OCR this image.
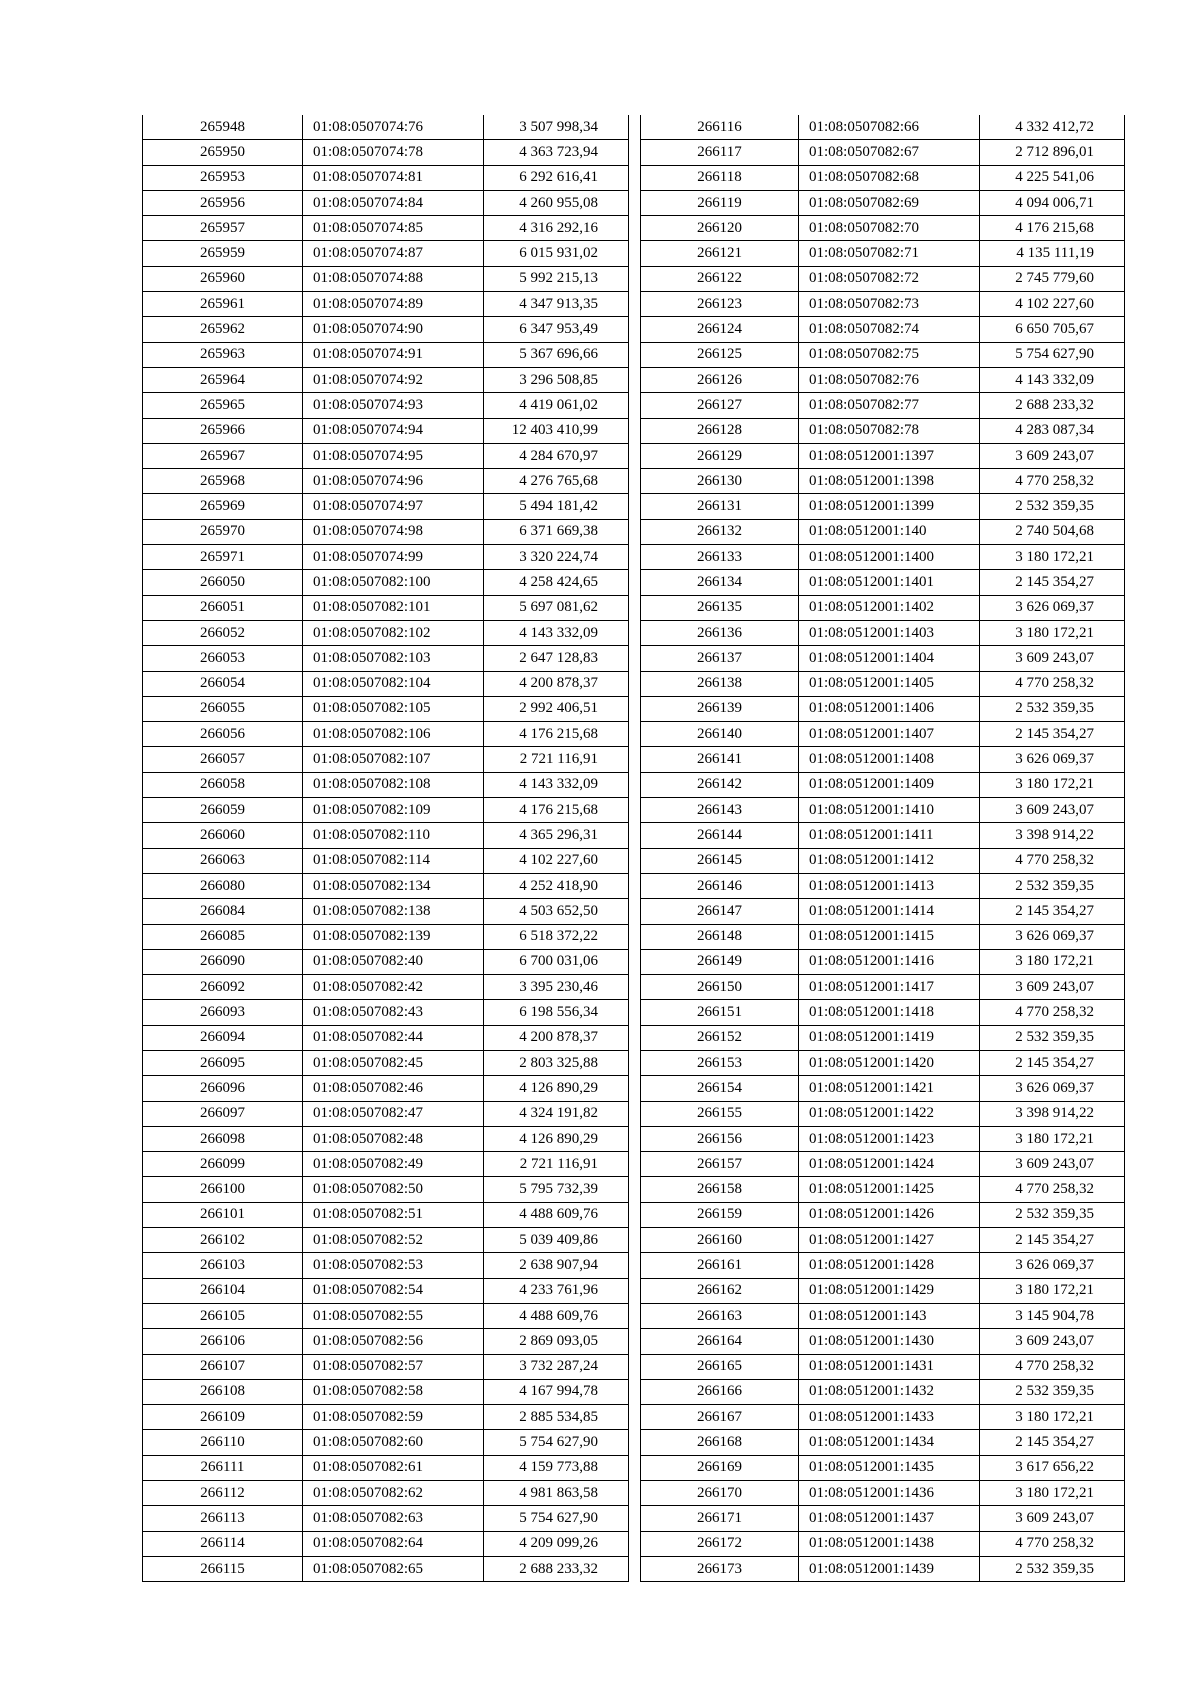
265948	01:08:0507074:76	3 507 998,34
265950	01:08:0507074:78	4 363 723,94
265953	01:08:0507074:81	6 292 616,41
265956	01:08:0507074:84	4 260 955,08
265957	01:08:0507074:85	4 316 292,16
265959	01:08:0507074:87	6 015 931,02
265960	01:08:0507074:88	5 992 215,13
265961	01:08:0507074:89	4 347 913,35
265962	01:08:0507074:90	6 347 953,49
265963	01:08:0507074:91	5 367 696,66
265964	01:08:0507074:92	3 296 508,85
265965	01:08:0507074:93	4 419 061,02
265966	01:08:0507074:94	12 403 410,99
265967	01:08:0507074:95	4 284 670,97
265968	01:08:0507074:96	4 276 765,68
265969	01:08:0507074:97	5 494 181,42
265970	01:08:0507074:98	6 371 669,38
265971	01:08:0507074:99	3 320 224,74
266050	01:08:0507082:100	4 258 424,65
266051	01:08:0507082:101	5 697 081,62
266052	01:08:0507082:102	4 143 332,09
266053	01:08:0507082:103	2 647 128,83
266054	01:08:0507082:104	4 200 878,37
266055	01:08:0507082:105	2 992 406,51
266056	01:08:0507082:106	4 176 215,68
266057	01:08:0507082:107	2 721 116,91
266058	01:08:0507082:108	4 143 332,09
266059	01:08:0507082:109	4 176 215,68
266060	01:08:0507082:110	4 365 296,31
266063	01:08:0507082:114	4 102 227,60
266080	01:08:0507082:134	4 252 418,90
266084	01:08:0507082:138	4 503 652,50
266085	01:08:0507082:139	6 518 372,22
266090	01:08:0507082:40	6 700 031,06
266092	01:08:0507082:42	3 395 230,46
266093	01:08:0507082:43	6 198 556,34
266094	01:08:0507082:44	4 200 878,37
266095	01:08:0507082:45	2 803 325,88
266096	01:08:0507082:46	4 126 890,29
266097	01:08:0507082:47	4 324 191,82
266098	01:08:0507082:48	4 126 890,29
266099	01:08:0507082:49	2 721 116,91
266100	01:08:0507082:50	5 795 732,39
266101	01:08:0507082:51	4 488 609,76
266102	01:08:0507082:52	5 039 409,86
266103	01:08:0507082:53	2 638 907,94
266104	01:08:0507082:54	4 233 761,96
266105	01:08:0507082:55	4 488 609,76
266106	01:08:0507082:56	2 869 093,05
266107	01:08:0507082:57	3 732 287,24
266108	01:08:0507082:58	4 167 994,78
266109	01:08:0507082:59	2 885 534,85
266110	01:08:0507082:60	5 754 627,90
266111	01:08:0507082:61	4 159 773,88
266112	01:08:0507082:62	4 981 863,58
266113	01:08:0507082:63	5 754 627,90
266114	01:08:0507082:64	4 209 099,26
266115	01:08:0507082:65	2 688 233,32
266116	01:08:0507082:66	4 332 412,72
266117	01:08:0507082:67	2 712 896,01
266118	01:08:0507082:68	4 225 541,06
266119	01:08:0507082:69	4 094 006,71
266120	01:08:0507082:70	4 176 215,68
266121	01:08:0507082:71	4 135 111,19
266122	01:08:0507082:72	2 745 779,60
266123	01:08:0507082:73	4 102 227,60
266124	01:08:0507082:74	6 650 705,67
266125	01:08:0507082:75	5 754 627,90
266126	01:08:0507082:76	4 143 332,09
266127	01:08:0507082:77	2 688 233,32
266128	01:08:0507082:78	4 283 087,34
266129	01:08:0512001:1397	3 609 243,07
266130	01:08:0512001:1398	4 770 258,32
266131	01:08:0512001:1399	2 532 359,35
266132	01:08:0512001:140	2 740 504,68
266133	01:08:0512001:1400	3 180 172,21
266134	01:08:0512001:1401	2 145 354,27
266135	01:08:0512001:1402	3 626 069,37
266136	01:08:0512001:1403	3 180 172,21
266137	01:08:0512001:1404	3 609 243,07
266138	01:08:0512001:1405	4 770 258,32
266139	01:08:0512001:1406	2 532 359,35
266140	01:08:0512001:1407	2 145 354,27
266141	01:08:0512001:1408	3 626 069,37
266142	01:08:0512001:1409	3 180 172,21
266143	01:08:0512001:1410	3 609 243,07
266144	01:08:0512001:1411	3 398 914,22
266145	01:08:0512001:1412	4 770 258,32
266146	01:08:0512001:1413	2 532 359,35
266147	01:08:0512001:1414	2 145 354,27
266148	01:08:0512001:1415	3 626 069,37
266149	01:08:0512001:1416	3 180 172,21
266150	01:08:0512001:1417	3 609 243,07
266151	01:08:0512001:1418	4 770 258,32
266152	01:08:0512001:1419	2 532 359,35
266153	01:08:0512001:1420	2 145 354,27
266154	01:08:0512001:1421	3 626 069,37
266155	01:08:0512001:1422	3 398 914,22
266156	01:08:0512001:1423	3 180 172,21
266157	01:08:0512001:1424	3 609 243,07
266158	01:08:0512001:1425	4 770 258,32
266159	01:08:0512001:1426	2 532 359,35
266160	01:08:0512001:1427	2 145 354,27
266161	01:08:0512001:1428	3 626 069,37
266162	01:08:0512001:1429	3 180 172,21
266163	01:08:0512001:143	3 145 904,78
266164	01:08:0512001:1430	3 609 243,07
266165	01:08:0512001:1431	4 770 258,32
266166	01:08:0512001:1432	2 532 359,35
266167	01:08:0512001:1433	3 180 172,21
266168	01:08:0512001:1434	2 145 354,27
266169	01:08:0512001:1435	3 617 656,22
266170	01:08:0512001:1436	3 180 172,21
266171	01:08:0512001:1437	3 609 243,07
266172	01:08:0512001:1438	4 770 258,32
266173	01:08:0512001:1439	2 532 359,35
